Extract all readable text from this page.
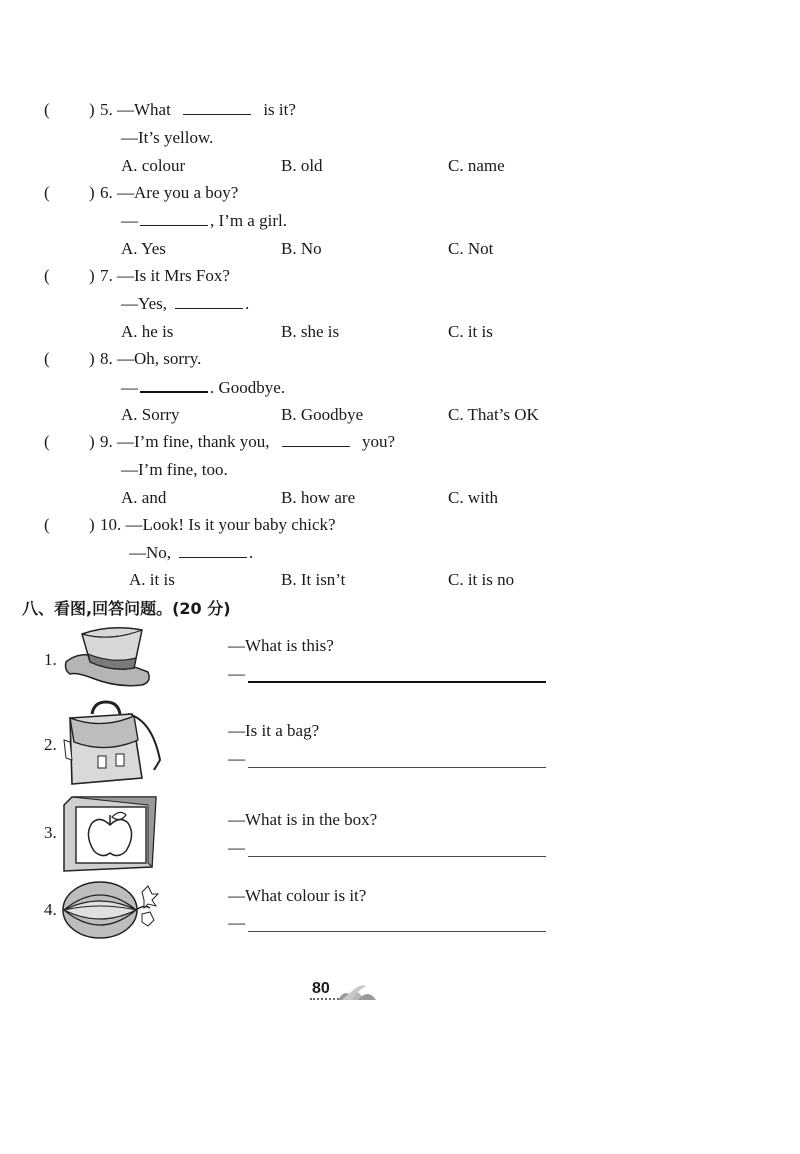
( ) 5. —What	is it?
—It’s yellow.
A. colour	B. old	C. name
( ) 6. —Are you a boy?
—	, I’m a girl.
A. Yes	B. No	C. Not
( ) 7. —Is it Mrs Fox?
—Yes,	.
A. he is	B. she is	C. it is
( ) 8. —Oh, sorry.
—	. Goodbye.
A. Sorry	B. Goodbye	C. That’s OK
( ) 9. —I’m fine, thank you,	you?
—I’m fine, too.
A. and	B. how are	C. with
( ) 10. —Look! Is it your baby chick?
—No,	.
A. it is	B. It isn’t	C. it is no
八、看图,回答问题。(20 分)
1.
—What is this?
—
2.
—Is it a bag?
—
3.
—What is in the box?
—
4.
—What colour is it?
—
80
